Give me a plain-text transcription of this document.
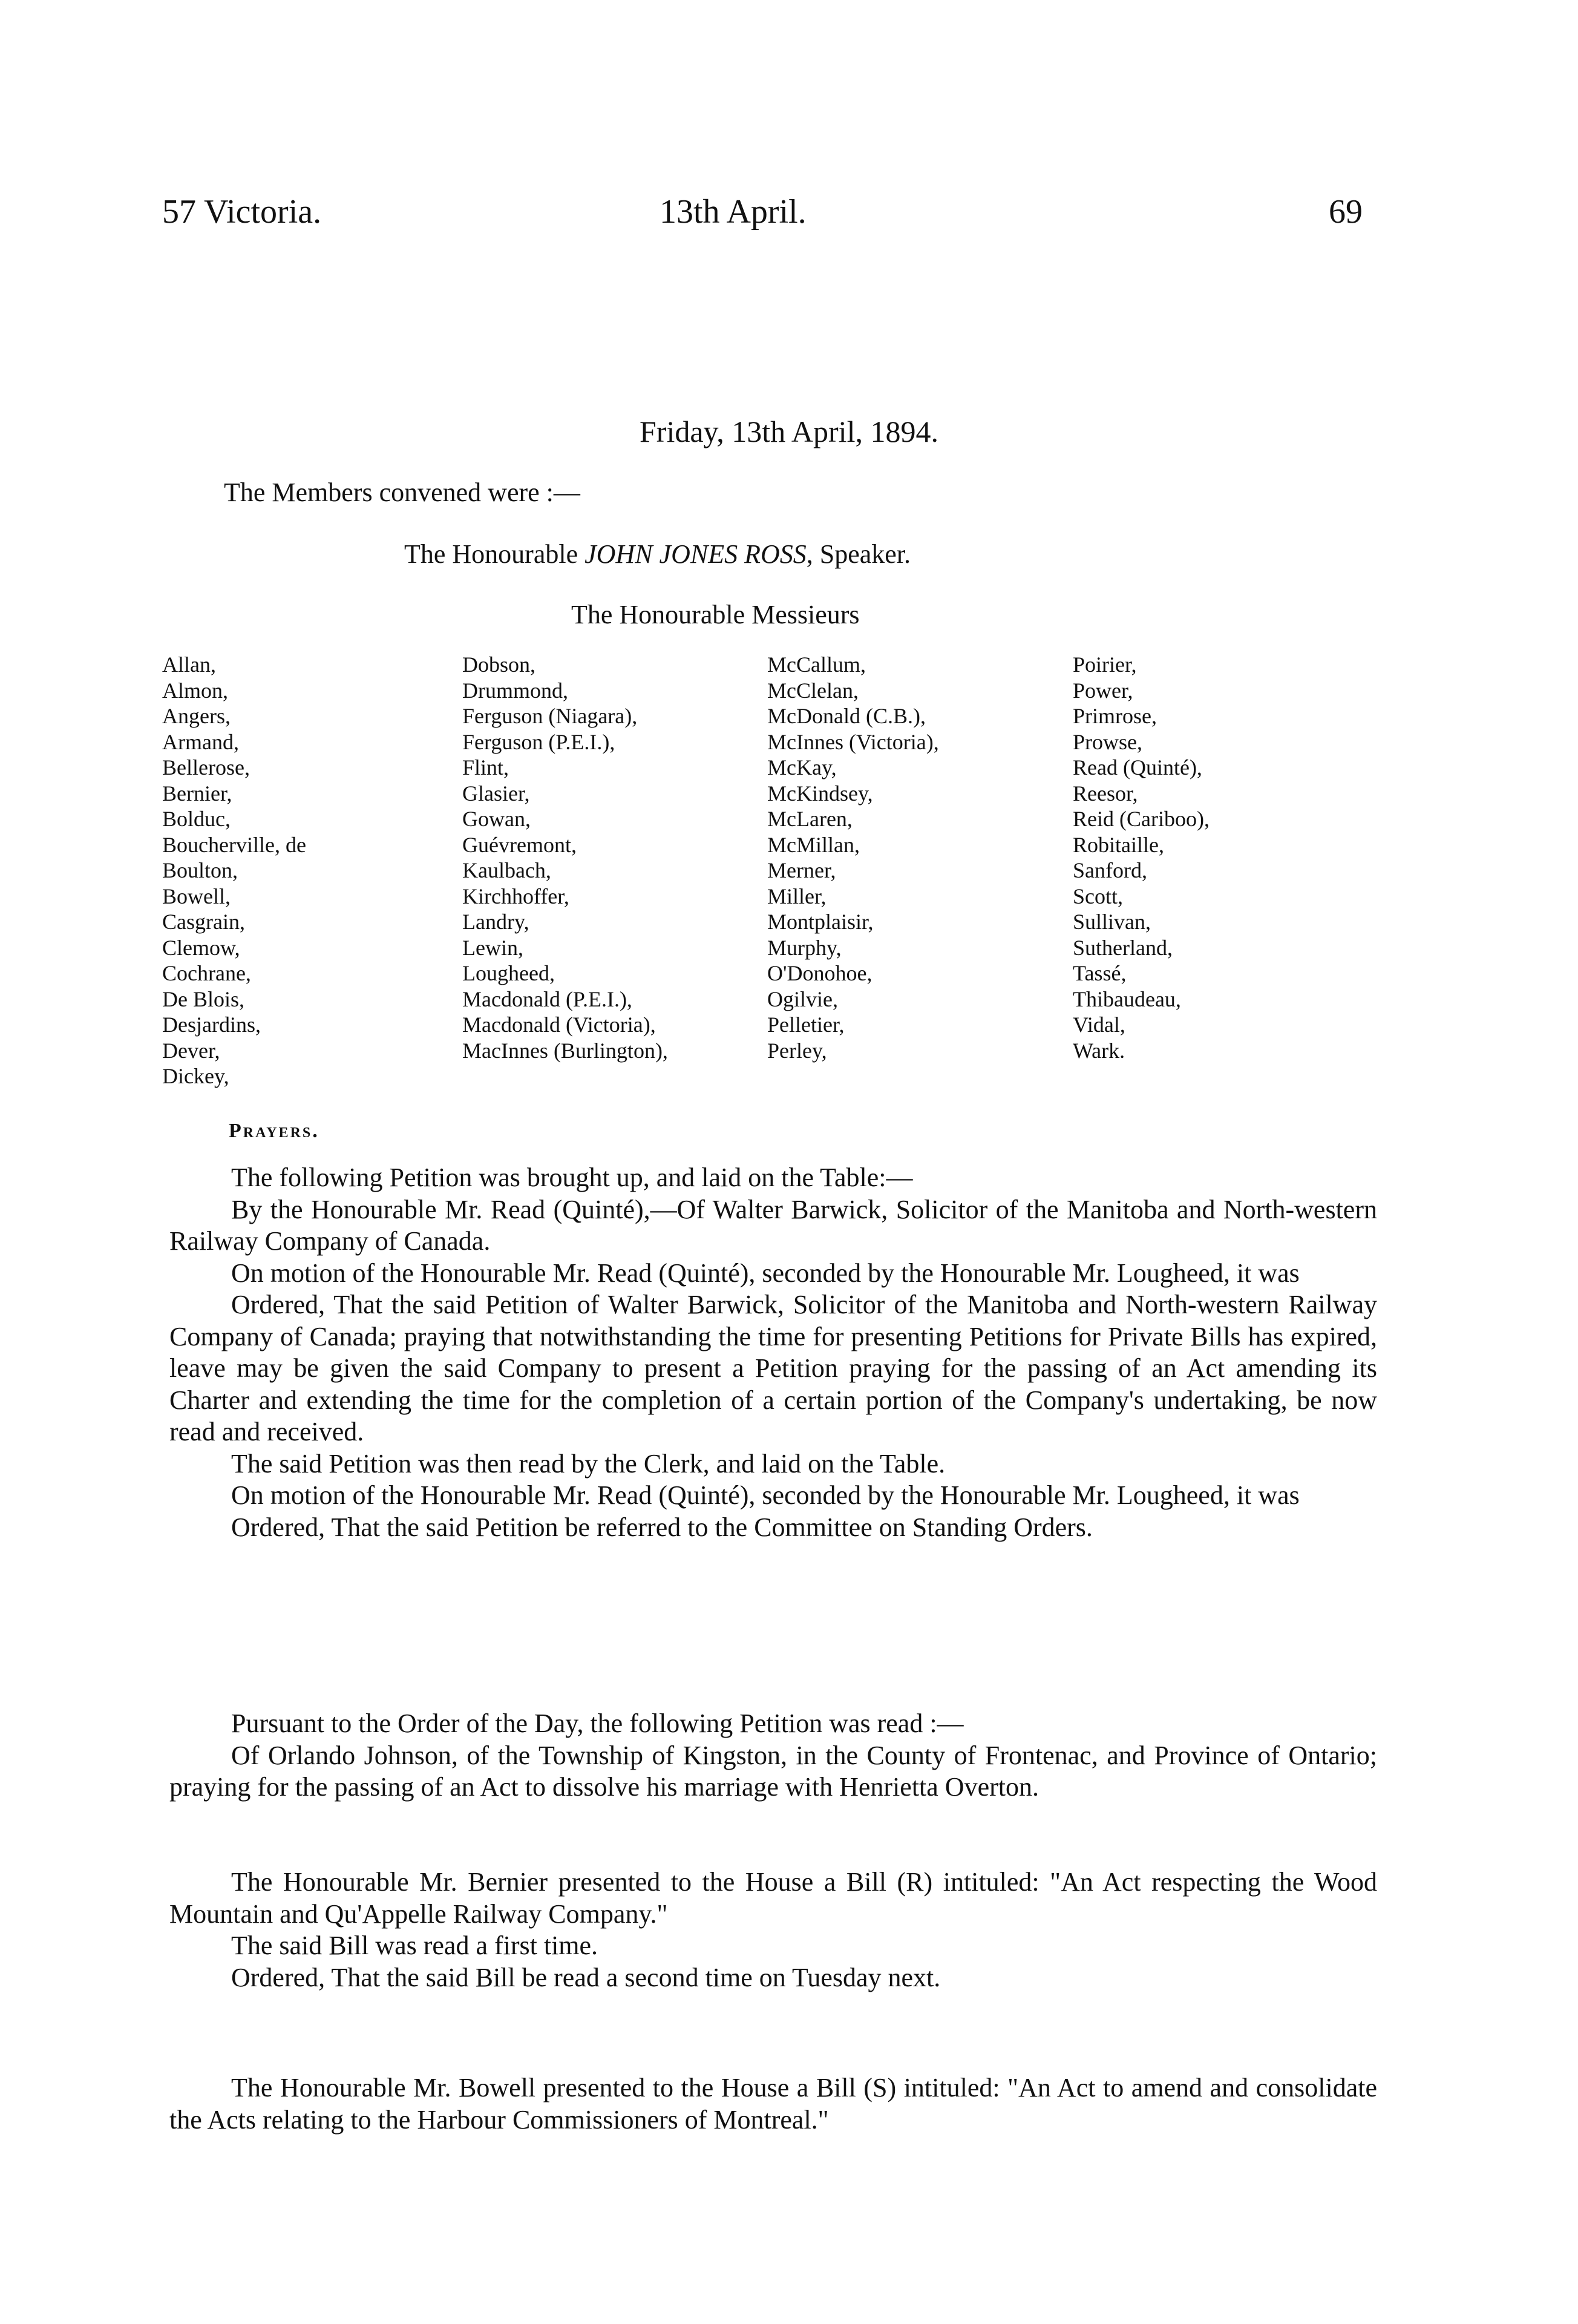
57 Victoria.	13th April.	69
Friday, 13th April, 1894.
The Members convened were :—
The Honourable JOHN JONES ROSS, Speaker.
The Honourable Messieurs
Allan,
Almon,
Angers,
Armand,
Bellerose,
Bernier,
Bolduc,
Boucherville, de
Boulton,
Bowell,
Casgrain,
Clemow,
Cochrane,
De Blois,
Desjardins,
Dever,
Dickey,
Dobson,
Drummond,
Ferguson (Niagara),
Ferguson (P.E.I.),
Flint,
Glasier,
Gowan,
Guévremont,
Kaulbach,
Kirchhoffer,
Landry,
Lewin,
Lougheed,
Macdonald (P.E.I.),
Macdonald (Victoria),
MacInnes (Burlington),
McCallum,
McClelan,
McDonald (C.B.),
McInnes (Victoria),
McKay,
McKindsey,
McLaren,
McMillan,
Merner,
Miller,
Montplaisir,
Murphy,
O'Donohoe,
Ogilvie,
Pelletier,
Perley,
Poirier,
Power,
Primrose,
Prowse,
Read (Quinté),
Reesor,
Reid (Cariboo),
Robitaille,
Sanford,
Scott,
Sullivan,
Sutherland,
Tassé,
Thibaudeau,
Vidal,
Wark.
Prayers.

The following Petition was brought up, and laid on the Table:—

By the Honourable Mr. Read (Quinté),—Of Walter Barwick, Solicitor of the Manitoba and North-western Railway Company of Canada.

On motion of the Honourable Mr. Read (Quinté), seconded by the Honourable Mr. Lougheed, it was

Ordered, That the said Petition of Walter Barwick, Solicitor of the Manitoba and North-western Railway Company of Canada; praying that notwithstanding the time for presenting Petitions for Private Bills has expired, leave may be given the said Company to present a Petition praying for the passing of an Act amending its Charter and extending the time for the completion of a certain portion of the Company's undertaking, be now read and received.

The said Petition was then read by the Clerk, and laid on the Table.

On motion of the Honourable Mr. Read (Quinté), seconded by the Honourable Mr. Lougheed, it was

Ordered, That the said Petition be referred to the Committee on Standing Orders.

Pursuant to the Order of the Day, the following Petition was read :—

Of Orlando Johnson, of the Township of Kingston, in the County of Frontenac, and Province of Ontario; praying for the passing of an Act to dissolve his marriage with Henrietta Overton.

The Honourable Mr. Bernier presented to the House a Bill (R) intituled: "An Act respecting the Wood Mountain and Qu'Appelle Railway Company."

The said Bill was read a first time.

Ordered, That the said Bill be read a second time on Tuesday next.

The Honourable Mr. Bowell presented to the House a Bill (S) intituled: "An Act to amend and consolidate the Acts relating to the Harbour Commissioners of Montreal."
